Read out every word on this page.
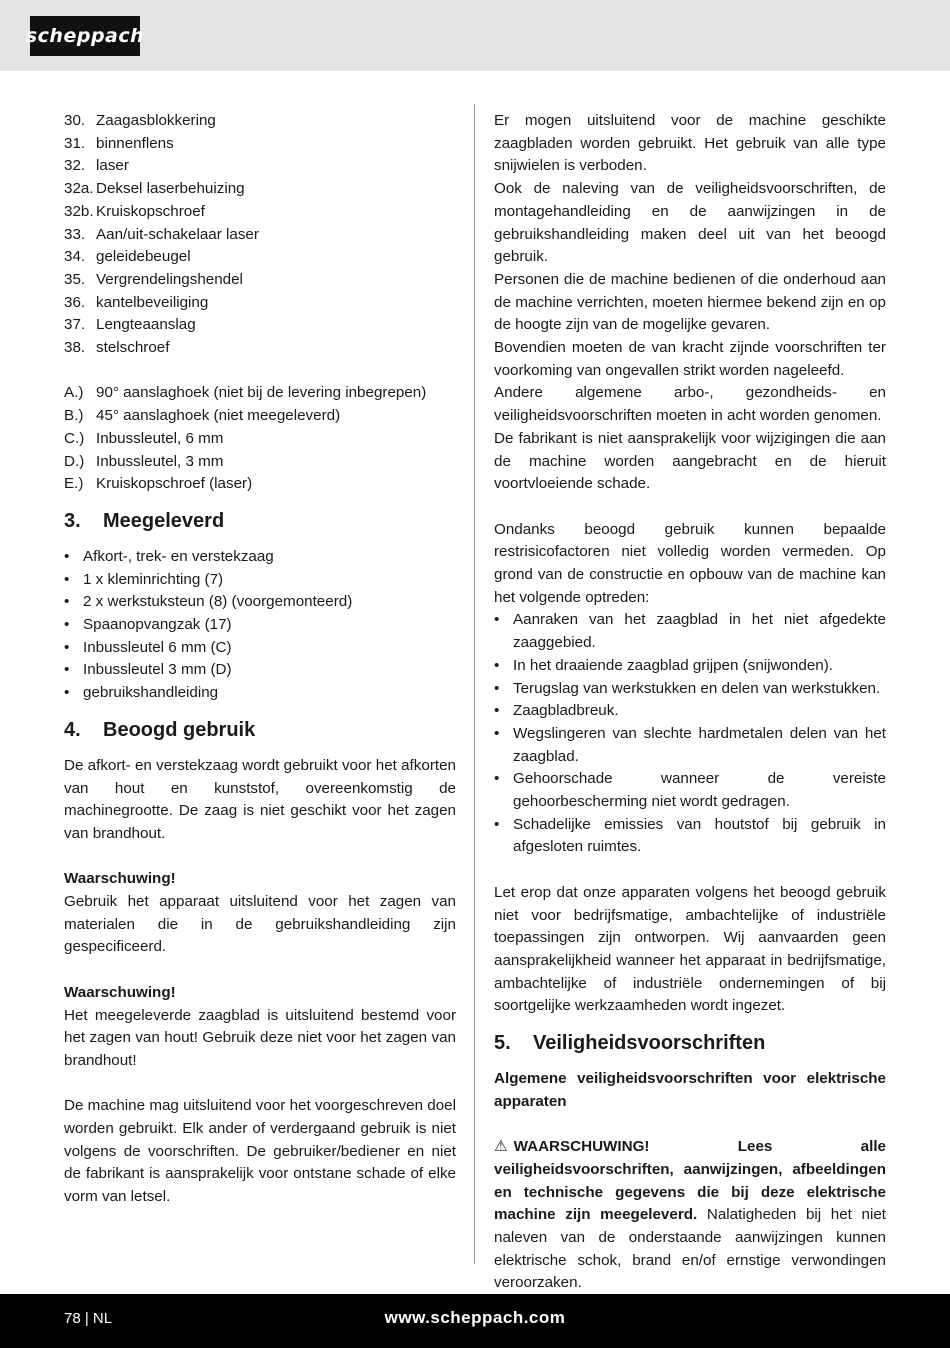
scheppach
30. Zaagasblokkering
31. binnenflens
32. laser
32a. Deksel laserbehuizing
32b. Kruiskopschroef
33. Aan/uit-schakelaar laser
34. geleidebeugel
35. Vergrendelingshendel
36. kantelbeveiliging
37. Lengteaanslag
38. stelschroef
A.) 90° aanslaghoek (niet bij de levering inbegrepen)
B.) 45° aanslaghoek (niet meegeleverd)
C.) Inbussleutel, 6 mm
D.) Inbussleutel, 3 mm
E.) Kruiskopschroef (laser)
3.	Meegeleverd
• Afkort-, trek- en verstekzaag
• 1 x kleminrichting (7)
• 2 x werkstuksteun (8) (voorgemonteerd)
• Spaanopvangzak (17)
• Inbussleutel 6 mm (C)
• Inbussleutel 3 mm (D)
• gebruikshandleiding
4.	Beoogd gebruik
De afkort- en verstekzaag wordt gebruikt voor het afkorten van hout en kunststof, overeenkomstig de machinegrootte. De zaag is niet geschikt voor het zagen van brandhout.
Waarschuwing!
Gebruik het apparaat uitsluitend voor het zagen van materialen die in de gebruikshandleiding zijn gespecificeerd.
Waarschuwing!
Het meegeleverde zaagblad is uitsluitend bestemd voor het zagen van hout! Gebruik deze niet voor het zagen van brandhout!
De machine mag uitsluitend voor het voorgeschreven doel worden gebruikt. Elk ander of verdergaand gebruik is niet volgens de voorschriften. De gebruiker/bediener en niet de fabrikant is aansprakelijk voor ontstane schade of elke vorm van letsel.
Er mogen uitsluitend voor de machine geschikte zaagbladen worden gebruikt. Het gebruik van alle type snijwielen is verboden.
Ook de naleving van de veiligheidsvoorschriften, de montagehandleiding en de aanwijzingen in de gebruikshandleiding maken deel uit van het beoogd gebruik.
Personen die de machine bedienen of die onderhoud aan de machine verrichten, moeten hiermee bekend zijn en op de hoogte zijn van de mogelijke gevaren.
Bovendien moeten de van kracht zijnde voorschriften ter voorkoming van ongevallen strikt worden nageleefd.
Andere algemene arbo-, gezondheids- en veiligheidsvoorschriften moeten in acht worden genomen.
De fabrikant is niet aansprakelijk voor wijzigingen die aan de machine worden aangebracht en de hieruit voortvloeiende schade.
Ondanks beoogd gebruik kunnen bepaalde restrisicofactoren niet volledig worden vermeden. Op grond van de constructie en opbouw van de machine kan het volgende optreden:
• Aanraken van het zaagblad in het niet afgedekte zaaggebied.
• In het draaiende zaagblad grijpen (snijwonden).
• Terugslag van werkstukken en delen van werkstukken.
• Zaagbladbreuk.
• Wegslingeren van slechte hardmetalen delen van het zaagblad.
• Gehoorschade wanneer de vereiste gehoorbescherming niet wordt gedragen.
• Schadelijke emissies van houtstof bij gebruik in afgesloten ruimtes.
Let erop dat onze apparaten volgens het beoogd gebruik niet voor bedrijfsmatige, ambachtelijke of industriële toepassingen zijn ontworpen. Wij aanvaarden geen aansprakelijkheid wanneer het apparaat in bedrijfsmatige, ambachtelijke of industriële ondernemingen of bij soortgelijke werkzaamheden wordt ingezet.
5.	Veiligheidsvoorschriften
Algemene veiligheidsvoorschriften voor elektrische apparaten
⚠ WAARSCHUWING! Lees alle veiligheidsvoorschriften, aanwijzingen, afbeeldingen en technische gegevens die bij deze elektrische machine zijn meegeleverd. Nalatigheden bij het niet naleven van de onderstaande aanwijzingen kunnen elektrische schok, brand en/of ernstige verwondingen veroorzaken.
78 | NL	www.scheppach.com
